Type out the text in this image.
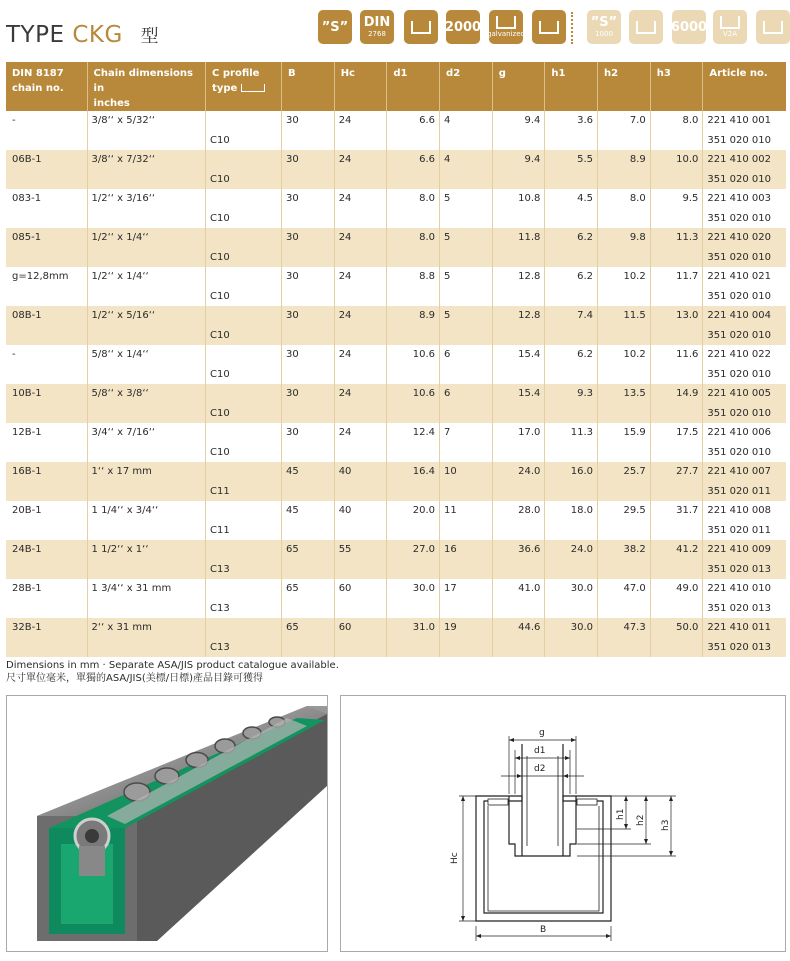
TYPE CKG 型	”S” DIN
2768	2000 galvanized
”S”
1000	6000 V2A
DIN 8187
chain no.	Chain dimensions in
inches	C profile
type	B	Hc	d1	d2	g	h1	h2	h3	Article no.
-	3/8‘‘ x 5/32‘‘		30	24	6.6	4	9.4	3.6	7.0	8.0	221 410 001
		C10									351 020 010
06B-1	3/8‘‘ x 7/32‘‘		30	24	6.6	4	9.4	5.5	8.9	10.0	221 410 002
		C10									351 020 010
083-1	1/2‘‘ x 3/16‘‘		30	24	8.0	5	10.8	4.5	8.0	9.5	221 410 003
		C10									351 020 010
085-1	1/2‘‘ x 1/4‘‘		30	24	8.0	5	11.8	6.2	9.8	11.3	221 410 020
		C10									351 020 010
g=12,8mm	1/2‘‘ x 1/4‘‘		30	24	8.8	5	12.8	6.2	10.2	11.7	221 410 021
		C10									351 020 010
08B-1	1/2‘‘ x 5/16‘‘		30	24	8.9	5	12.8	7.4	11.5	13.0	221 410 004
		C10									351 020 010
-	5/8‘‘ x 1/4‘‘		30	24	10.6	6	15.4	6.2	10.2	11.6	221 410 022
		C10									351 020 010
10B-1	5/8‘‘ x 3/8‘‘		30	24	10.6	6	15.4	9.3	13.5	14.9	221 410 005
		C10									351 020 010
12B-1	3/4‘‘ x 7/16‘‘		30	24	12.4	7	17.0	11.3	15.9	17.5	221 410 006
		C10									351 020 010
16B-1	1‘‘ x 17 mm		45	40	16.4	10	24.0	16.0	25.7	27.7	221 410 007
		C11									351 020 011
20B-1	1 1/4‘‘ x 3/4‘‘		45	40	20.0	11	28.0	18.0	29.5	31.7	221 410 008
		C11									351 020 011
24B-1	1 1/2‘‘ x 1‘‘		65	55	27.0	16	36.6	24.0	38.2	41.2	221 410 009
		C13									351 020 013
28B-1	1 3/4‘‘ x 31 mm		65	60	30.0	17	41.0	30.0	47.0	49.0	221 410 010
		C13									351 020 013
32B-1	2‘‘ x 31 mm		65	60	31.0	19	44.6	30.0	47.3	50.0	221 410 011
		C13									351 020 013
Dimensions in mm · Separate ASA/JIS product catalogue available.
尺寸單位毫米，單獨的ASA/JIS(美標/日標)產品目錄可獲得
g
d1
d2
B
Hc
h1
h2 h3
